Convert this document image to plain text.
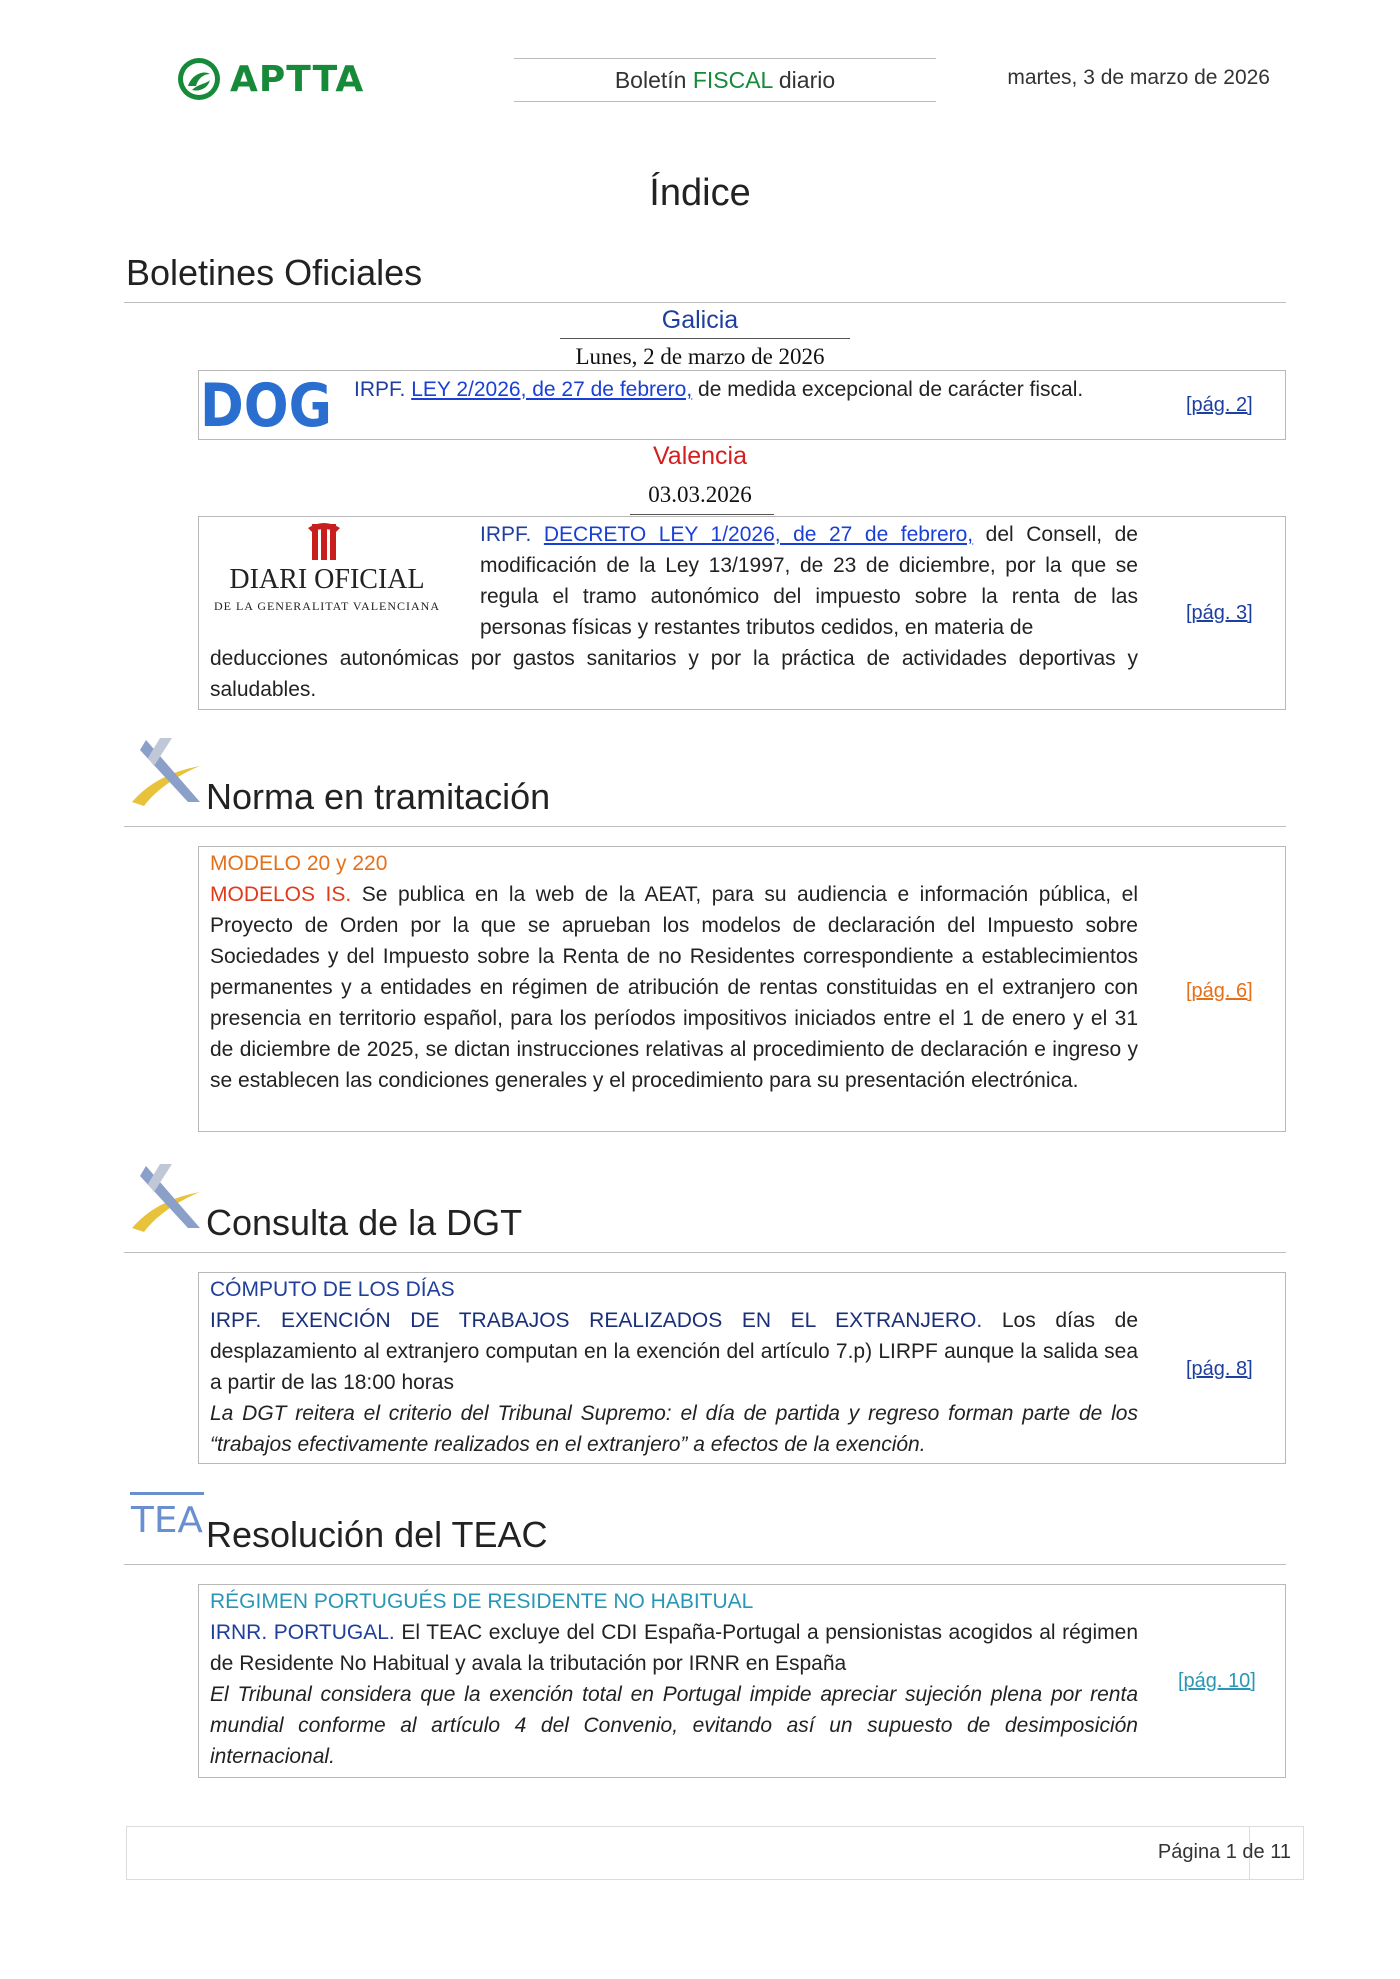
APTTA	Boletín FISCAL diario	martes, 3 de marzo de 2026
Índice
Boletines Oficiales
Galicia
Lunes, 2 de marzo de 2026
DOG IRPF. LEY 2/2026, de 27 de febrero, de medida excepcional de carácter fiscal.
[pág. 2]
Valencia
03.03.2026
DIARI OFICIAL
DE LA GENERALITAT VALENCIANA
IRPF. DECRETO LEY 1/2026, de 27 de febrero, del Consell, de modificación de la Ley 13/1997, de 23 de diciembre, por la que se regula el tramo autonómico del impuesto sobre la renta de las personas físicas y restantes tributos cedidos, en materia de
deducciones autonómicas por gastos sanitarios y por la práctica de actividades deportivas y saludables.
[pág. 3]
Norma en tramitación
MODELO 20 y 220
MODELOS IS. Se publica en la web de la AEAT, para su audiencia e información pública, el Proyecto de Orden por la que se aprueban los modelos de declaración del Impuesto sobre Sociedades y del Impuesto sobre la Renta de no Residentes correspondiente a establecimientos permanentes y a entidades en régimen de atribución de rentas constituidas en el extranjero con presencia en territorio español, para los períodos impositivos iniciados entre el 1 de enero y el 31 de diciembre de 2025, se dictan instrucciones relativas al procedimiento de declaración e ingreso y se establecen las condiciones generales y el procedimiento para su presentación electrónica.
[pág. 6]
Consulta de la DGT
CÓMPUTO DE LOS DÍAS
IRPF. EXENCIÓN DE TRABAJOS REALIZADOS EN EL EXTRANJERO. Los días de desplazamiento al extranjero computan en la exención del artículo 7.p) LIRPF aunque la salida sea a partir de las 18:00 horas
La DGT reitera el criterio del Tribunal Supremo: el día de partida y regreso forman parte de los “trabajos efectivamente realizados en el extranjero” a efectos de la exención.
[pág. 8]
TEA Resolución del TEAC
RÉGIMEN PORTUGUÉS DE RESIDENTE NO HABITUAL
IRNR. PORTUGAL. El TEAC excluye del CDI España-Portugal a pensionistas acogidos al régimen de Residente No Habitual y avala la tributación por IRNR en España
El Tribunal considera que la exención total en Portugal impide apreciar sujeción plena por renta mundial conforme al artículo 4 del Convenio, evitando así un supuesto de desimposición internacional.
[pág. 10]
Página 1 de 11
